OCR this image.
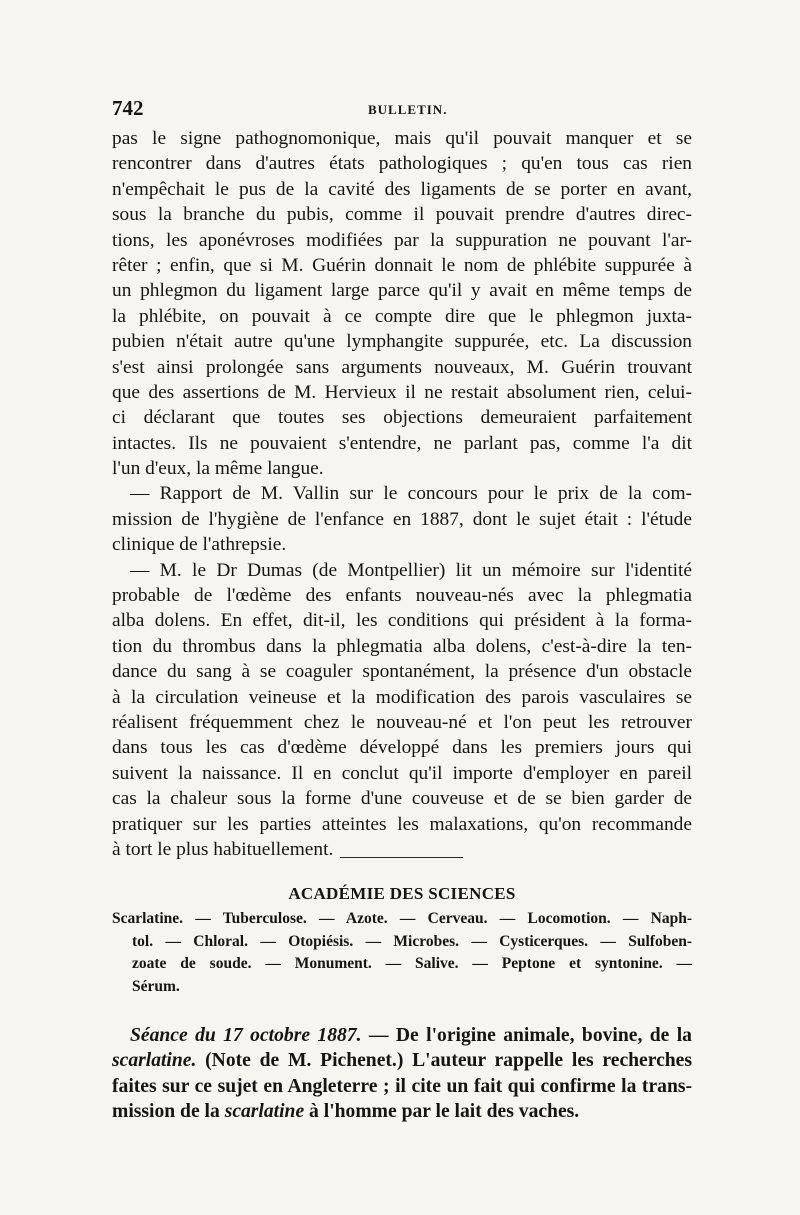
742	BULLETIN.
pas le signe pathognomonique, mais qu'il pouvait manquer et se
rencontrer dans d'autres états pathologiques ; qu'en tous cas rien
n'empêchait le pus de la cavité des ligaments de se porter en avant,
sous la branche du pubis, comme il pouvait prendre d'autres direc-
tions, les aponévroses modifiées par la suppuration ne pouvant l'ar-
rêter ; enfin, que si M. Guérin donnait le nom de phlébite suppurée à
un phlegmon du ligament large parce qu'il y avait en même temps de
la phlébite, on pouvait à ce compte dire que le phlegmon juxta-
pubien n'était autre qu'une lymphangite suppurée, etc. La discussion
s'est ainsi prolongée sans arguments nouveaux, M. Guérin trouvant
que des assertions de M. Hervieux il ne restait absolument rien, celui-
ci déclarant que toutes ses objections demeuraient parfaitement
intactes. Ils ne pouvaient s'entendre, ne parlant pas, comme l'a dit
l'un d'eux, la même langue.
— Rapport de M. Vallin sur le concours pour le prix de la com-
mission de l'hygiène de l'enfance en 1887, dont le sujet était : l'étude
clinique de l'athrepsie.
— M. le Dr Dumas (de Montpellier) lit un mémoire sur l'identité
probable de l'œdème des enfants nouveau-nés avec la phlegmatia
alba dolens. En effet, dit-il, les conditions qui président à la forma-
tion du thrombus dans la phlegmatia alba dolens, c'est-à-dire la ten-
dance du sang à se coaguler spontanément, la présence d'un obstacle
à la circulation veineuse et la modification des parois vasculaires se
réalisent fréquemment chez le nouveau-né et l'on peut les retrouver
dans tous les cas d'œdème développé dans les premiers jours qui
suivent la naissance. Il en conclut qu'il importe d'employer en pareil
cas la chaleur sous la forme d'une couveuse et de se bien garder de
pratiquer sur les parties atteintes les malaxations, qu'on recommande
à tort le plus habituellement.
ACADÉMIE DES SCIENCES
Scarlatine. — Tuberculose. — Azote. — Cerveau. — Locomotion. — Naph-
tol. — Chloral. — Otopiésis. — Microbes. — Cysticerques. — Sulfoben-
zoate de soude. — Monument. — Salive. — Peptone et syntonine. —
Sérum.
Séance du 17 octobre 1887. — De l'origine animale, bovine, de la
scarlatine. (Note de M. Pichenet.) L'auteur rappelle les recherches
faites sur ce sujet en Angleterre ; il cite un fait qui confirme la trans-
mission de la scarlatine à l'homme par le lait des vaches.
